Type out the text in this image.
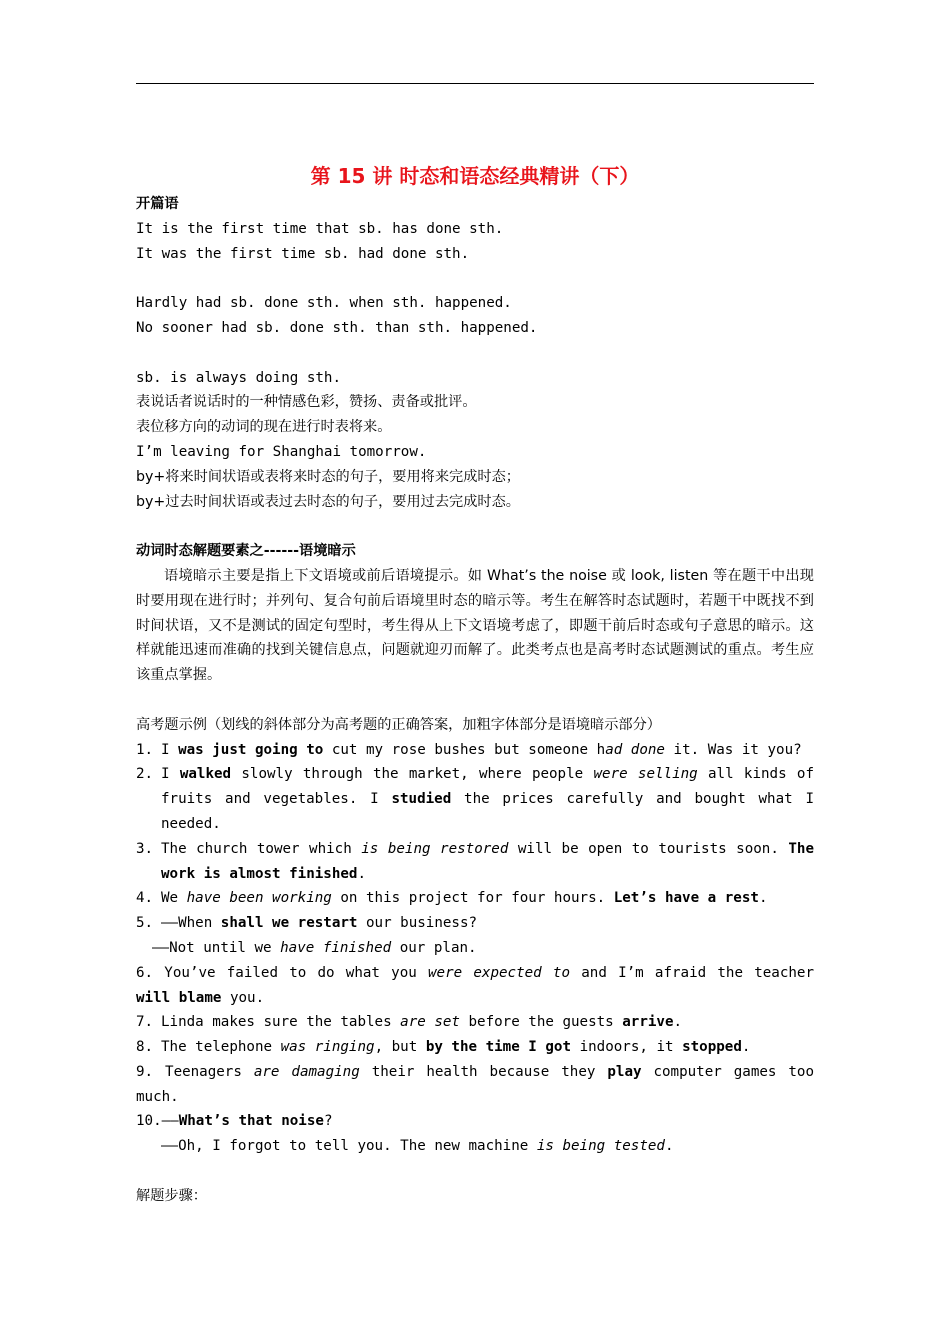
第 15 讲 时态和语态经典精讲（下）
开篇语
It is the first time that sb. has done sth.
It was the first time sb. had done sth.
Hardly had sb. done sth. when sth. happened.
No sooner had sb. done sth. than sth. happened.
sb. is always doing sth.
表说话者说话时的一种情感色彩，赞扬、责备或批评。
表位移方向的动词的现在进行时表将来。
I’m leaving for Shanghai tomorrow.
by+将来时间状语或表将来时态的句子，要用将来完成时态；
by+过去时间状语或表过去时态的句子，要用过去完成时态。
动词时态解题要素之------语境暗示
语境暗示主要是指上下文语境或前后语境提示。如 What’s the noise 或 look, listen 等在题干中出现时要用现在进行时；并列句、复合句前后语境里时态的暗示等。考生在解答时态试题时，若题干中既找不到时间状语，又不是测试的固定句型时，考生得从上下文语境考虑了，即题干前后时态或句子意思的暗示。这样就能迅速而准确的找到关键信息点，问题就迎刃而解了。此类考点也是高考时态试题测试的重点。考生应该重点掌握。
高考题示例（划线的斜体部分为高考题的正确答案，加粗字体部分是语境暗示部分）
1. I was just going to cut my rose bushes but someone had done it. Was it you?
2. I walked slowly through the market, where people were selling all kinds of fruits and vegetables. I studied the prices carefully and bought what I needed.
3. The church tower which is being restored will be open to tourists soon. The work is almost finished.
4. We have been working on this project for four hours. Let’s have a rest.
5. ——When shall we restart our business?
——Not until we have finished our plan.
6. You’ve failed to do what you were expected to and I’m afraid the teacher will blame you.
7. Linda makes sure the tables are set before the guests arrive.
8. The telephone was ringing, but by the time I got indoors, it stopped.
9. Teenagers are damaging their health because they play computer games too much.
10. ——What’s that noise?
——Oh, I forgot to tell you. The new machine is being tested.
解题步骤：
